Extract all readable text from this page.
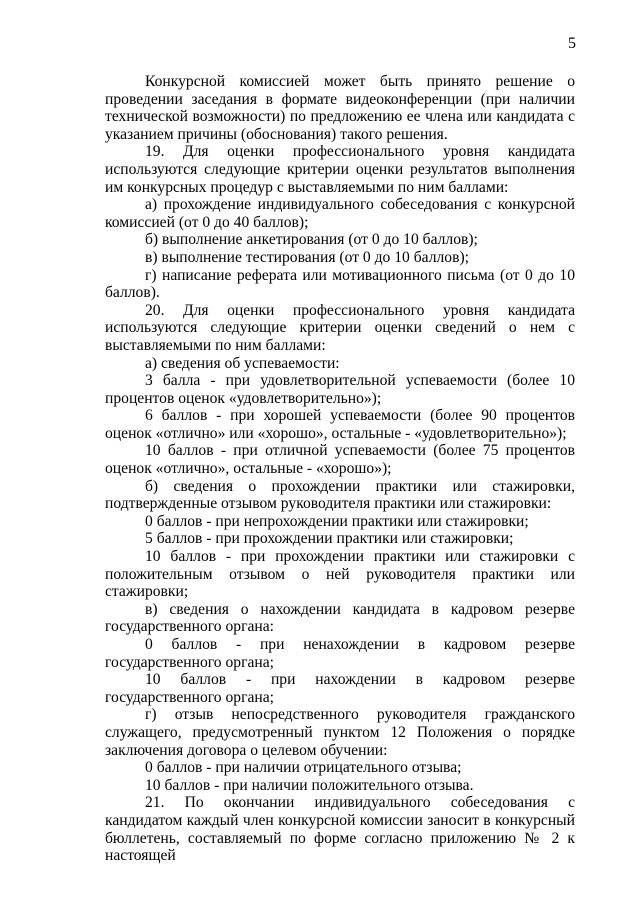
5

Конкурсной комиссией может быть принято решение о проведении заседания в формате видеоконференции (при наличии технической возможности) по предложению ее члена или кандидата с указанием причины (обоснования) такого решения.

19. Для оценки профессионального уровня кандидата используются следующие критерии оценки результатов выполнения им конкурсных процедур с выставляемыми по ним баллами:

а) прохождение индивидуального собеседования с конкурсной комиссией (от 0 до 40 баллов);

б) выполнение анкетирования (от 0 до 10 баллов);

в) выполнение тестирования (от 0 до 10 баллов);

г) написание реферата или мотивационного письма (от 0 до 10 баллов).

20. Для оценки профессионального уровня кандидата используются следующие критерии оценки сведений о нем с выставляемыми по ним баллами:

а) сведения об успеваемости:

3 балла - при удовлетворительной успеваемости (более 10 процентов оценок «удовлетворительно»);

6 баллов - при хорошей успеваемости (более 90 процентов оценок «отлично» или «хорошо», остальные - «удовлетворительно»);

10 баллов - при отличной успеваемости (более 75 процентов оценок «отлично», остальные - «хорошо»);

б) сведения о прохождении практики или стажировки, подтвержденные отзывом руководителя практики или стажировки:

0 баллов - при непрохождении практики или стажировки;

5 баллов - при прохождении практики или стажировки;

10 баллов - при прохождении практики или стажировки с положительным отзывом о ней руководителя практики или стажировки;

в) сведения о нахождении кандидата в кадровом резерве государственного органа:

0 баллов - при ненахождении в кадровом резерве государственного органа;

10 баллов - при нахождении в кадровом резерве государственного органа;

г) отзыв непосредственного руководителя гражданского служащего, предусмотренный пунктом 12 Положения о порядке заключения договора о целевом обучении:

0 баллов - при наличии отрицательного отзыва;

10 баллов - при наличии положительного отзыва.

21. По окончании индивидуального собеседования с кандидатом каждый член конкурсной комиссии заносит в конкурсный бюллетень, составляемый по форме согласно приложению № 2 к настоящей
